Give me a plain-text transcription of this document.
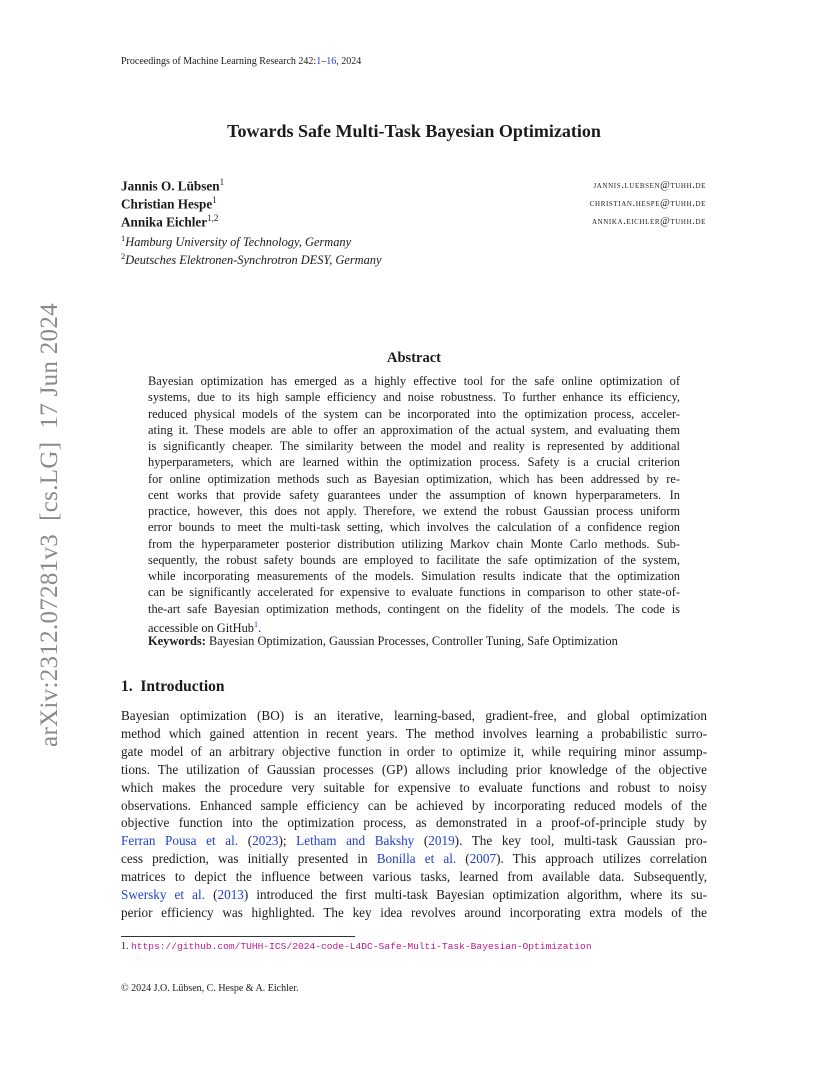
Proceedings of Machine Learning Research 242:1–16, 2024
Towards Safe Multi-Task Bayesian Optimization
Jannis O. Lübsen$^1$
Christian Hespe$^1$
Annika Eichler$^{1,2}$
jannis.luebsen@tuhh.de
christian.hespe@tuhh.de
annika.eichler@tuhh.de
$^1$Hamburg University of Technology, Germany
$^2$Deutsches Elektronen-Synchrotron DESY, Germany
arXiv:2312.07281v3  [cs.LG]  17 Jun 2024	Abstract
Bayesian optimization has emerged as a highly effective tool for the safe online optimization of
systems, due to its high sample efficiency and noise robustness. To further enhance its efficiency,
reduced physical models of the system can be incorporated into the optimization process, acceler-
ating it. These models are able to offer an approximation of the actual system, and evaluating them
is significantly cheaper. The similarity between the model and reality is represented by additional
hyperparameters, which are learned within the optimization process. Safety is a crucial criterion
for online optimization methods such as Bayesian optimization, which has been addressed by re-
cent works that provide safety guarantees under the assumption of known hyperparameters. In
practice, however, this does not apply. Therefore, we extend the robust Gaussian process uniform
error bounds to meet the multi-task setting, which involves the calculation of a confidence region
from the hyperparameter posterior distribution utilizing Markov chain Monte Carlo methods. Sub-
sequently, the robust safety bounds are employed to facilitate the safe optimization of the system,
while incorporating measurements of the models. Simulation results indicate that the optimization
can be significantly accelerated for expensive to evaluate functions in comparison to other state-of-
the-art safe Bayesian optimization methods, contingent on the fidelity of the models. The code is
accessible on GitHub$^1$.
Keywords: Bayesian Optimization, Gaussian Processes, Controller Tuning, Safe Optimization
1. Introduction
Bayesian optimization (BO) is an iterative, learning-based, gradient-free, and global optimization
method which gained attention in recent years. The method involves learning a probabilistic surro-
gate model of an arbitrary objective function in order to optimize it, while requiring minor assump-
tions. The utilization of Gaussian processes (GP) allows including prior knowledge of the objective
which makes the procedure very suitable for expensive to evaluate functions and robust to noisy
observations. Enhanced sample efficiency can be achieved by incorporating reduced models of the
objective function into the optimization process, as demonstrated in a proof-of-principle study by
Ferran Pousa et al. (2023); Letham and Bakshy (2019). The key tool, multi-task Gaussian pro-
cess prediction, was initially presented in Bonilla et al. (2007). This approach utilizes correlation
matrices to depict the influence between various tasks, learned from available data. Subsequently,
Swersky et al. (2013) introduced the first multi-task Bayesian optimization algorithm, where its su-
perior efficiency was highlighted. The key idea revolves around incorporating extra models of the
1. https://github.com/TUHH-ICS/2024-code-L4DC-Safe-Multi-Task-Bayesian-Optimization
© 2024 J.O. Lübsen, C. Hespe & A. Eichler.
